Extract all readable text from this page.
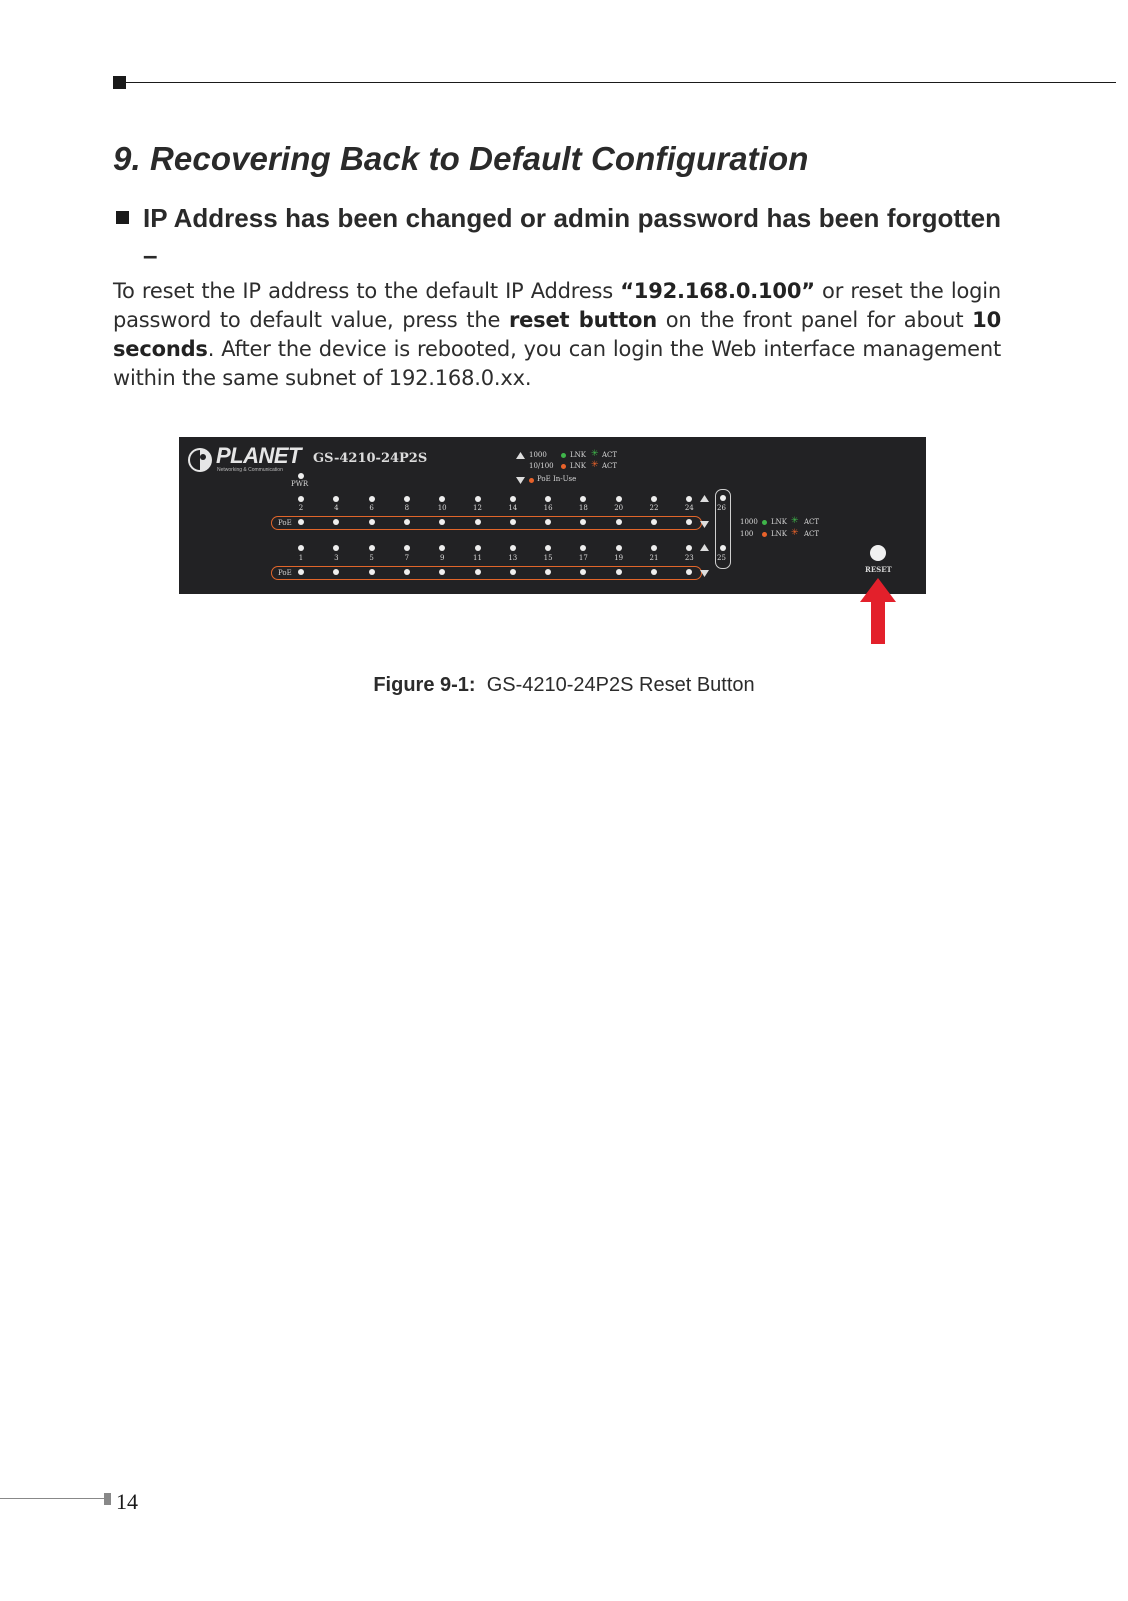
9. Recovering Back to Default Configuration

IP Address has been changed or admin password has been forgotten –

To reset the IP address to the default IP Address “192.168.0.100” or reset the login password to default value, press the reset button on the front panel for about 10 seconds. After the device is rebooted, you can login the Web interface management within the same subnet of 192.168.0.xx.

PLANET
Networking & Communication
GS-4210-24P2S
PWR
1000	LNK ✳ ACT
10/100 LNK ✳ ACT
PoE In-Use
PoE
PoE
2	4	6	8	10	12	14	16	18	20	22	24
1	3	5	7	9	11	13	15	17	19	21	23
26
25
1000 LNK ✳ ACT
100	LNK ✳ ACT
RESET

Figure 9-1: GS-4210-24P2S Reset Button

14
